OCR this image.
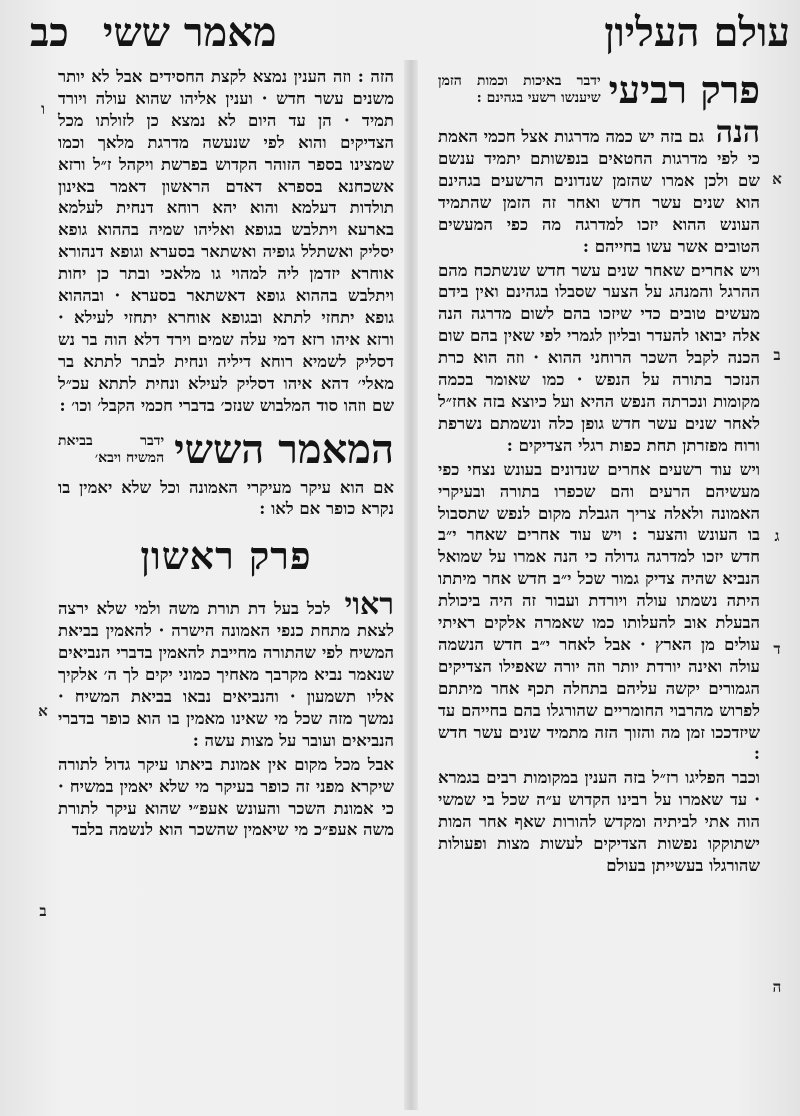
מאמר ששיכב	עולם העליון
פרק רביעי
ידבר באיכות וכמות הזמן שיענשו רשעי בגהינם :

הנה גם בזה יש כמה מדרגות אצל חכמי האמת כי לפי מדרגות החטאים בנפשותם יתמיד ענשם שם ולכן אמרו שהזמן שנדונים הרשעים בגהינם הוא שנים עשר חדש ואחר זה הזמן שהתמיד העונש ההוא יזכו למדרגה מה כפי המעשים הטובים אשר עשו בחייהם :

ויש אחרים שאחר שנים עשר חדש שנשתכח מהם ההרגל והמנהג על הצער שסבלו בגהינם ואין בידם מעשים טובים כדי שיזכו בהם לשום מדרגה הנה אלה יבואו להעדר ובליון לגמרי לפי שאין בהם שום הכנה לקבל השכר הרוחני ההוא · וזה הוא כרת הנזכר בתורה על הנפש · כמו שאומר בכמה מקומות ונכרתה הנפש ההיא ועל כיוצא בזה אחז״ל לאחר שנים עשר חדש גופן כלה ונשמתם נשרפת ורוח מפזרתן תחת כפות רגלי הצדיקים :

ויש עוד רשעים אחרים שנדונים בעונש נצחי כפי מעשיהם הרעים והם שכפרו בתורה ובעיקרי האמונה ולאלה צריך הגבלת מקום לנפש שתסבול בו העונש והצער : ויש עוד אחרים שאחר י״ב חדש יזכו למדרגה גדולה כי הנה אמרו על שמואל הנביא שהיה צדיק גמור שכל י״ב חדש אחר מיתתו היתה נשמתו עולה ויורדת ועבור זה היה ביכולת הבעלת אוב להעלותו כמו שאמרה אלקים ראיתי עולים מן הארץ · אבל לאחר י״ב חדש הנשמה עולה ואינה יורדת יותר וזה יורה שאפילו הצדיקים הגמורים יקשה עליהם בתחלה תכף אחר מיתתם לפרוש מהרבוי החומריים שהורגלו בהם בחייהם עד שיזדככו זמן מה והזוך הזה מתמיד שנים עשר חדש :

וכבר הפליגו רז״ל בזה הענין במקומות רבים בגמרא · עד שאמרו על רבינו הקדוש ע״ה שכל בי שמשי הוה אתי לביתיה ומקדש להורות שאף אחר המות ישתוקקו נפשות הצדיקים לעשות מצות ופעולות שהורגלו בעשייתן בעולם

הזה : וזה הענין נמצא לקצת החסידים אבל לא יותר משנים עשר חדש · וענין אליהו שהוא עולה ויורד תמיד · הן עד היום לא נמצא כן לזולתו מכל הצדיקים והוא לפי שנעשה מדרגת מלאך וכמו שמצינו בספר הזוהר הקדוש בפרשת ויקהל ז״ל ורזא אשכחנא בספרא דאדם הראשון דאמר באינון תולדות דעלמא והוא יהא רוחא דנחית לעלמא בארעא ויתלבש בגופא ואליהו שמיה בההוא גופא יסליק ואשתלל גופיה ואשתאר בסערא וגופא דנהורא אוחרא יזדמן ליה למהוי גו מלאכי ובתר כן יחות ויתלבש בההוא גופא דאשתאר בסערא · ובההוא גופא יתחזי לתתא ובגופא אוחרא יתחזי לעילא · ורזא איהו רזא דמי עלה שמים וירד דלא הוה בר נש דסליק לשמיא רוחא דיליה ונחית לבתר לתתא בר מאלי׳ דהא איהו דסליק לעילא ונחית לתתא עכ״ל שם וזהו סוד המלבוש שנזכ׳ בדברי חכמי הקבל׳ וכו׳ :

המאמר הששי
ידבר בביאת המשיח ויבא׳

אם הוא עיקר מעיקרי האמונה וכל שלא יאמין בו נקרא כופר אם לאו :

פרק ראשון

ראוי לכל בעל דת תורת משה ולמי שלא ירצה לצאת מתחת כנפי האמונה הישרה · להאמין בביאת המשיח לפי שהתורה מחייבת להאמין בדברי הנביאים שנאמר נביא מקרבך מאחיך כמוני יקים לך ה׳ אלקיך אליו תשמעון · והנביאים נבאו בביאת המשיח · נמשך מזה שכל מי שאינו מאמין בו הוא כופר בדברי הנביאים ועובר על מצות עשה :

אבל מכל מקום אין אמונת ביאתו עיקר גדול לתורה שיקרא מפני זה כופר בעיקר מי שלא יאמין במשיח · כי אמונת השכר והעונש אעפ״י שהוא עיקר לתורת משה אעפ״כ מי שיאמין שהשכר הוא לנשמה בלבד

א
ב
ג
ד
ה
ו
א
ב
